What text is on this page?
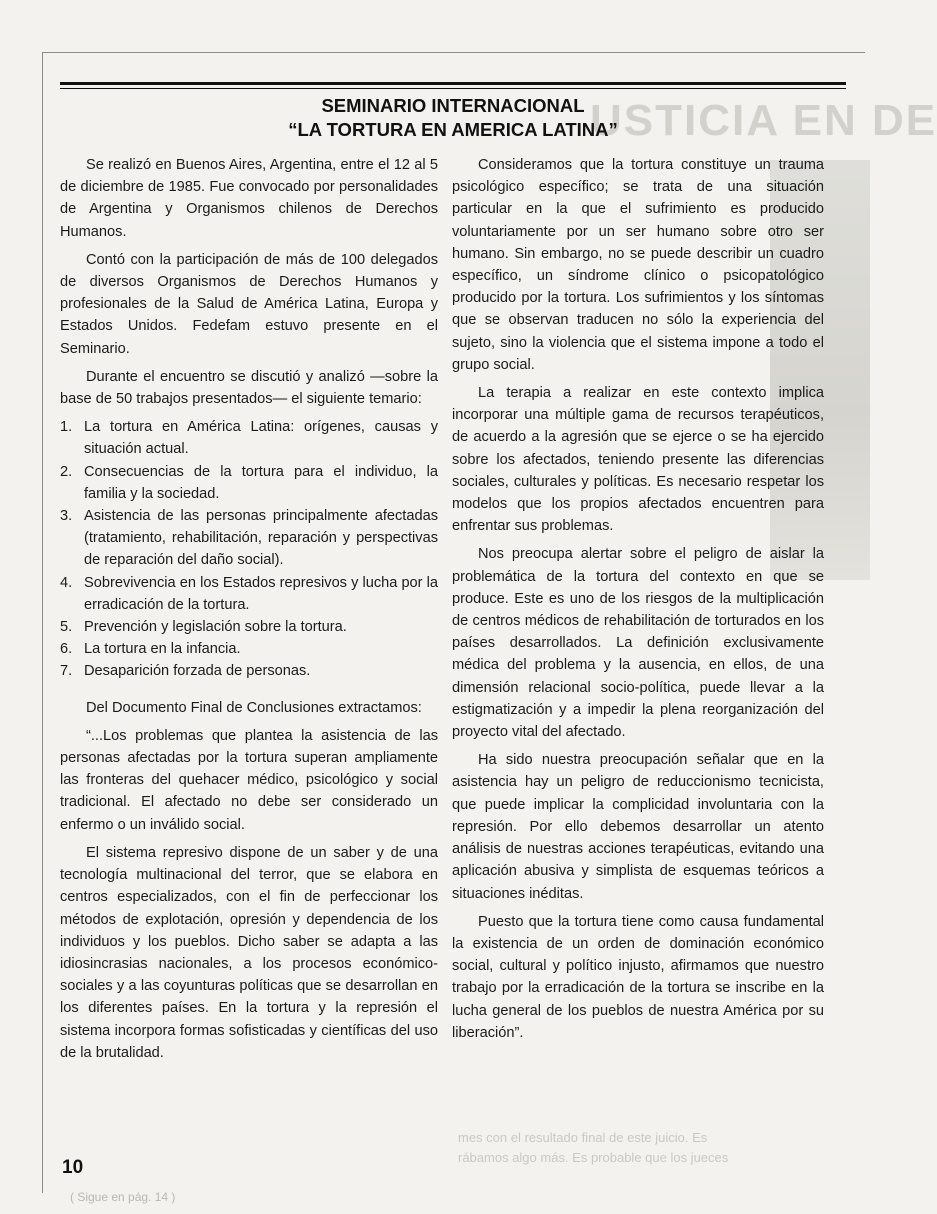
USTICIA EN DE
SEMINARIO INTERNACIONAL
“LA TORTURA EN AMERICA LATINA”

Se realizó en Buenos Aires, Argentina, entre el 12 al 5 de diciembre de 1985. Fue convocado por personalidades de Argentina y Organismos chilenos de Derechos Humanos.

Contó con la participación de más de 100 delegados de diversos Organismos de Derechos Humanos y profesionales de la Salud de América Latina, Europa y Estados Unidos. Fedefam estuvo presente en el Seminario.

Durante el encuentro se discutió y analizó —sobre la base de 50 trabajos presentados— el siguiente temario:

1. La tortura en América Latina: orígenes, causas y situación actual.
2. Consecuencias de la tortura para el individuo, la familia y la sociedad.
3. Asistencia de las personas principalmente afectadas (tratamiento, rehabilitación, reparación y perspectivas de reparación del daño social).
4. Sobrevivencia en los Estados represivos y lucha por la erradicación de la tortura.
5. Prevención y legislación sobre la tortura.
6. La tortura en la infancia.
7. Desaparición forzada de personas.

Del Documento Final de Conclusiones extractamos:

“...Los problemas que plantea la asistencia de las personas afectadas por la tortura superan ampliamente las fronteras del quehacer médico, psicológico y social tradicional. El afectado no debe ser considerado un enfermo o un inválido social.

El sistema represivo dispone de un saber y de una tecnología multinacional del terror, que se elabora en centros especializados, con el fin de perfeccionar los métodos de explotación, opresión y dependencia de los individuos y los pueblos. Dicho saber se adapta a las idiosincrasias nacionales, a los procesos económico-sociales y a las coyunturas políticas que se desarrollan en los diferentes países. En la tortura y la represión el sistema incorpora formas sofisticadas y científicas del uso de la brutalidad.

Consideramos que la tortura constituye un trauma psicológico específico; se trata de una situación particular en la que el sufrimiento es producido voluntariamente por un ser humano sobre otro ser humano. Sin embargo, no se puede describir un cuadro específico, un síndrome clínico o psicopatológico producido por la tortura. Los sufrimientos y los síntomas que se observan traducen no sólo la experiencia del sujeto, sino la violencia que el sistema impone a todo el grupo social.

La terapia a realizar en este contexto implica incorporar una múltiple gama de recursos terapéuticos, de acuerdo a la agresión que se ejerce o se ha ejercido sobre los afectados, teniendo presente las diferencias sociales, culturales y políticas. Es necesario respetar los modelos que los propios afectados encuentren para enfrentar sus problemas.

Nos preocupa alertar sobre el peligro de aislar la problemática de la tortura del contexto en que se produce. Este es uno de los riesgos de la multiplicación de centros médicos de rehabilitación de torturados en los países desarrollados. La definición exclusivamente médica del problema y la ausencia, en ellos, de una dimensión relacional socio-política, puede llevar a la estigmatización y a impedir la plena reorganización del proyecto vital del afectado.

Ha sido nuestra preocupación señalar que en la asistencia hay un peligro de reduccionismo tecnicista, que puede implicar la complicidad involuntaria con la represión. Por ello debemos desarrollar un atento análisis de nuestras acciones terapéuticas, evitando una aplicación abusiva y simplista de esquemas teóricos a situaciones inéditas.

Puesto que la tortura tiene como causa fundamental la existencia de un orden de dominación económico social, cultural y político injusto, afirmamos que nuestro trabajo por la erradicación de la tortura se inscribe en la lucha general de los pueblos de nuestra América por su liberación”.

mes con el resultado final de este juicio. Es
rábamos algo más. Es probable que los jueces
10
( Sigue en pág. 14 )
